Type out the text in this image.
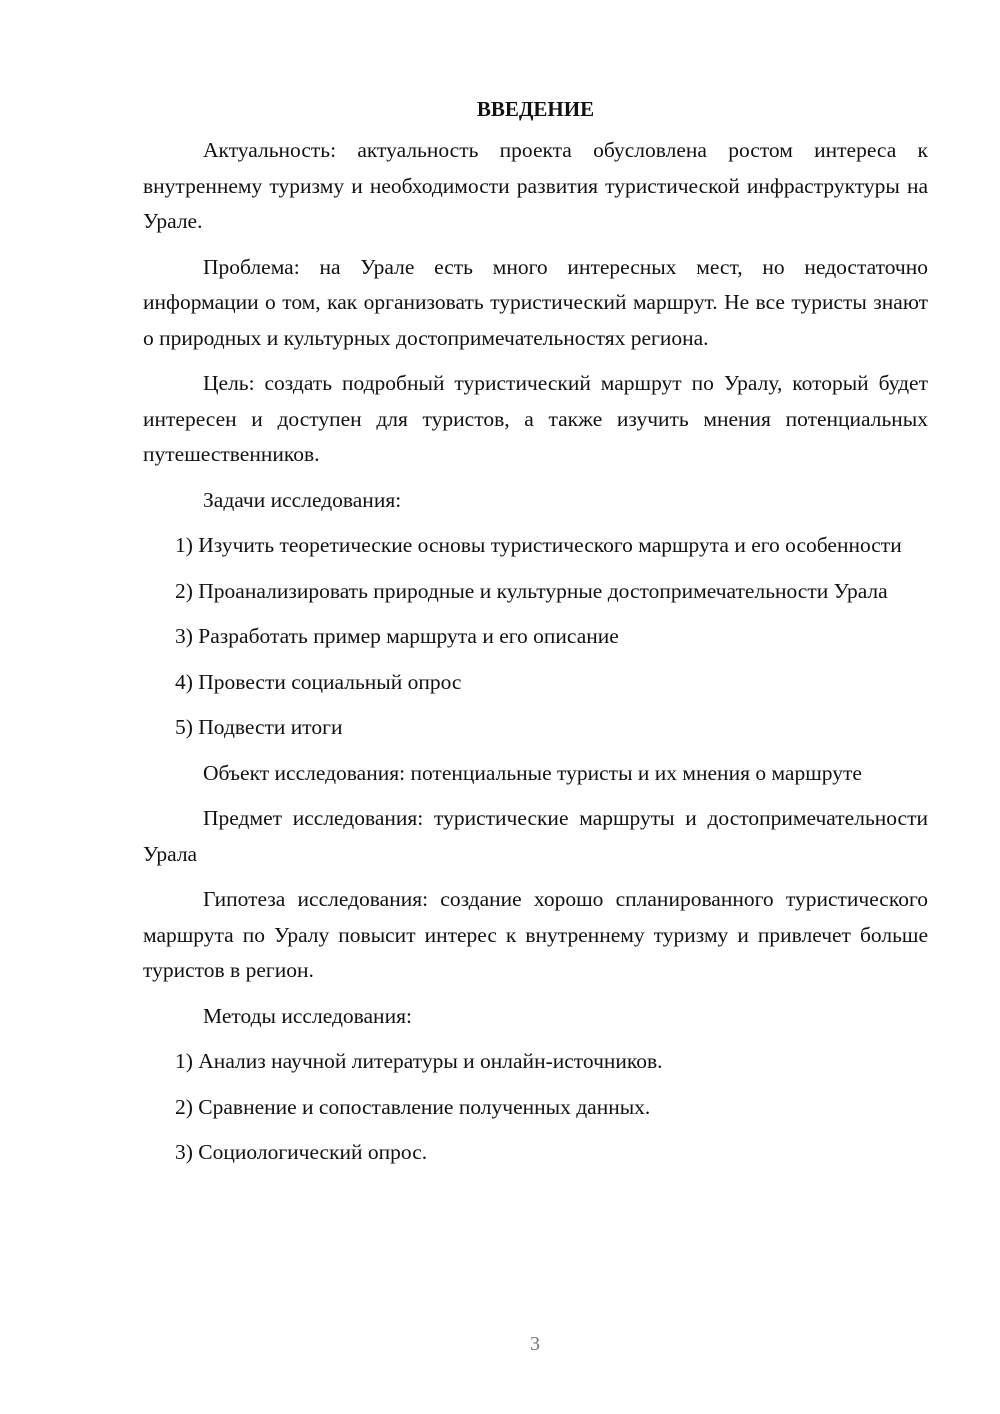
ВВЕДЕНИЕ

Актуальность: актуальность проекта обусловлена ростом интереса к внутреннему туризму и необходимости развития туристической инфраструктуры на Урале.

Проблема: на Урале есть много интересных мест, но недостаточно информации о том, как организовать туристический маршрут. Не все туристы знают о природных и культурных достопримечательностях региона.

Цель: создать подробный туристический маршрут по Уралу, который будет интересен и доступен для туристов, а также изучить мнения потенциальных путешественников.

Задачи исследования:

1) Изучить теоретические основы туристического маршрута и его особенности

2) Проанализировать природные и культурные достопримечательности Урала

3) Разработать пример маршрута и его описание

4) Провести социальный опрос

5) Подвести итоги

Объект исследования: потенциальные туристы и их мнения о маршруте

Предмет исследования: туристические маршруты и достопримечательности Урала

Гипотеза исследования: создание хорошо спланированного туристического маршрута по Уралу повысит интерес к внутреннему туризму и привлечет больше туристов в регион.

Методы исследования:

1) Анализ научной литературы и онлайн-источников.

2) Сравнение и сопоставление полученных данных.

3) Социологический опрос.

3
